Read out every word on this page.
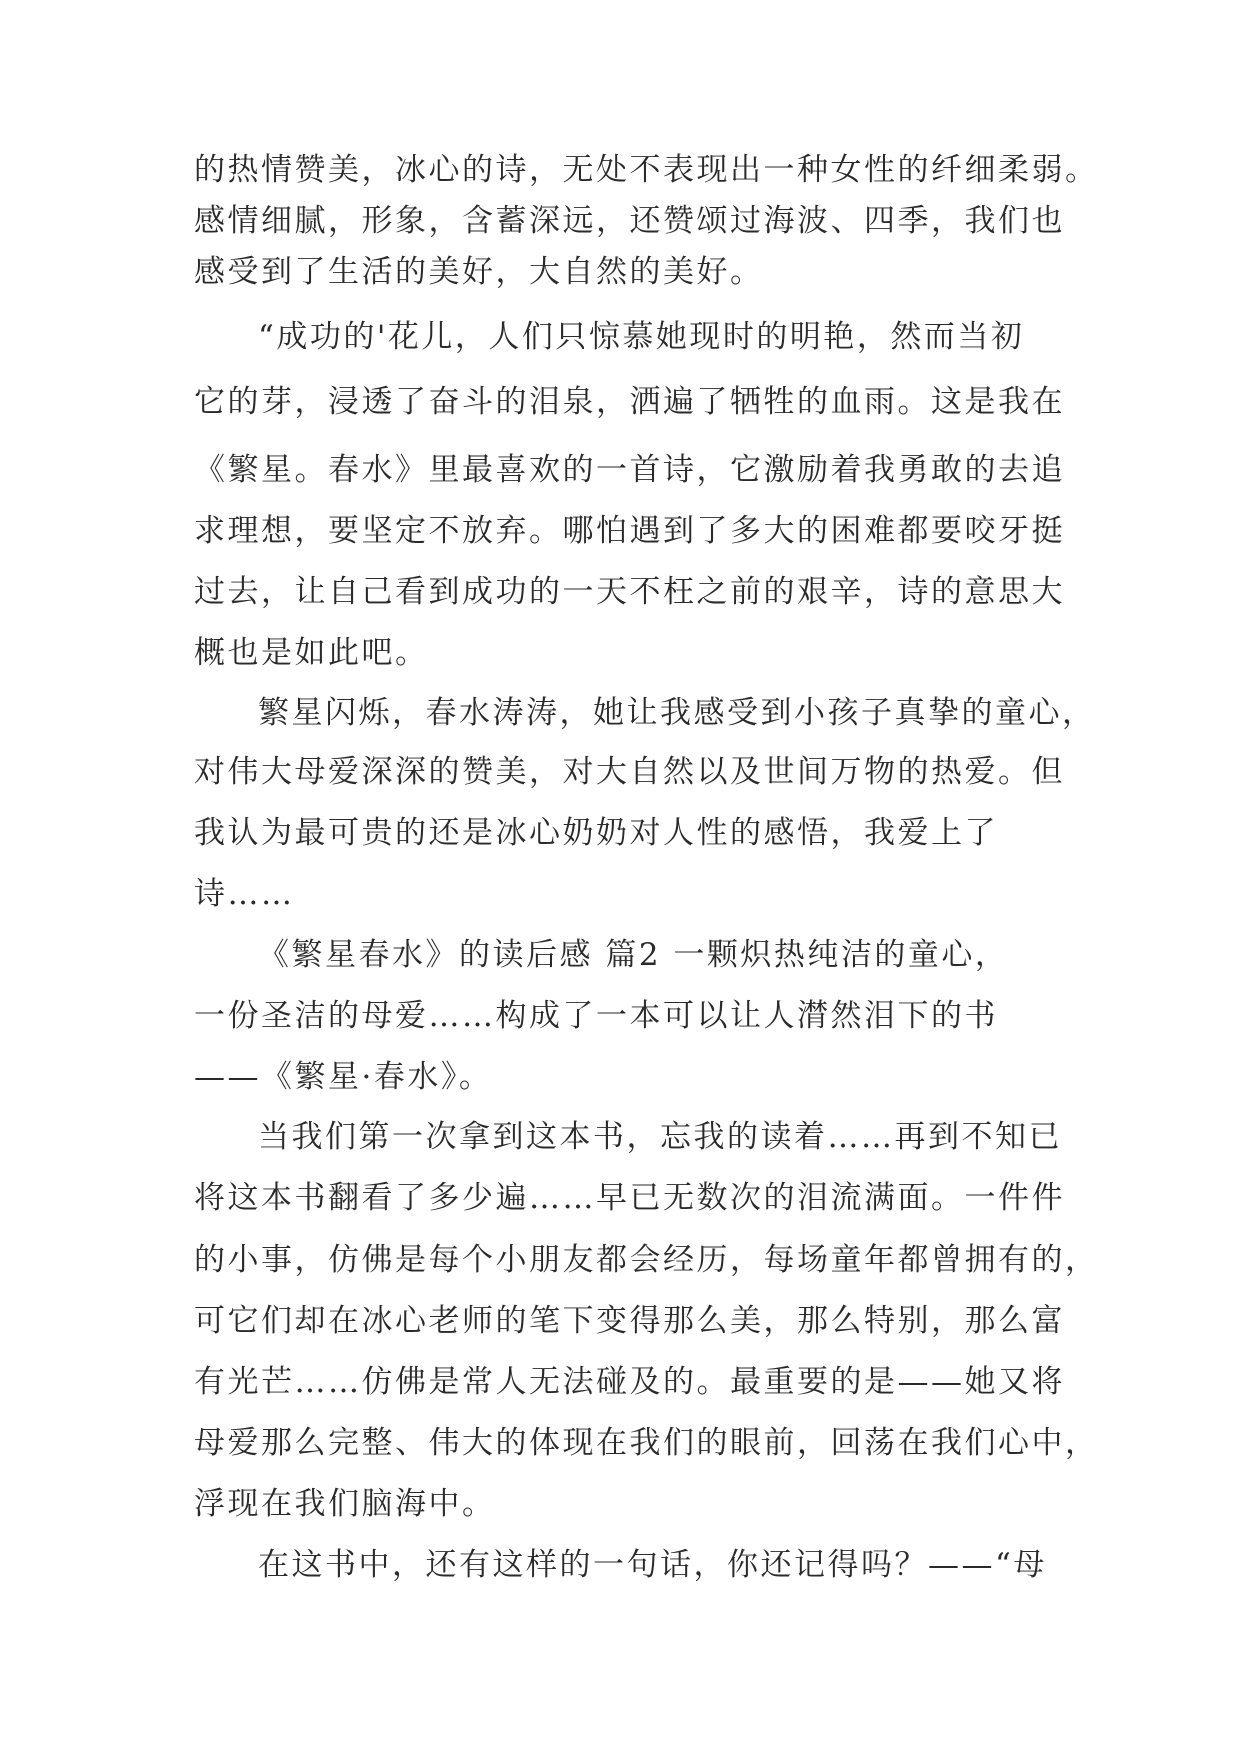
的热情赞美，冰心的诗，无处不表现出一种女性的纤细柔弱。
感情细腻，形象，含蓄深远，还赞颂过海波、四季，我们也
感受到了生活的美好，大自然的美好。
“成功的'花儿，人们只惊慕她现时的明艳，然而当初
它的芽，浸透了奋斗的泪泉，洒遍了牺牲的血雨。这是我在
《繁星。春水》里最喜欢的一首诗，它激励着我勇敢的去追
求理想，要坚定不放弃。哪怕遇到了多大的困难都要咬牙挺
过去，让自己看到成功的一天不枉之前的艰辛，诗的意思大
概也是如此吧。
繁星闪烁，春水涛涛，她让我感受到小孩子真挚的童心，
对伟大母爱深深的赞美，对大自然以及世间万物的热爱。但
我认为最可贵的还是冰心奶奶对人性的感悟，我爱上了
诗……
《繁星春水》的读后感 篇2 一颗炽热纯洁的童心，
一份圣洁的母爱……构成了一本可以让人潸然泪下的书
——《繁星·春水》。
当我们第一次拿到这本书，忘我的读着……再到不知已
将这本书翻看了多少遍……早已无数次的泪流满面。一件件
的小事，仿佛是每个小朋友都会经历，每场童年都曾拥有的，
可它们却在冰心老师的笔下变得那么美，那么特别，那么富
有光芒……仿佛是常人无法碰及的。最重要的是——她又将
母爱那么完整、伟大的体现在我们的眼前，回荡在我们心中，
浮现在我们脑海中。
在这书中，还有这样的一句话，你还记得吗？——“母
